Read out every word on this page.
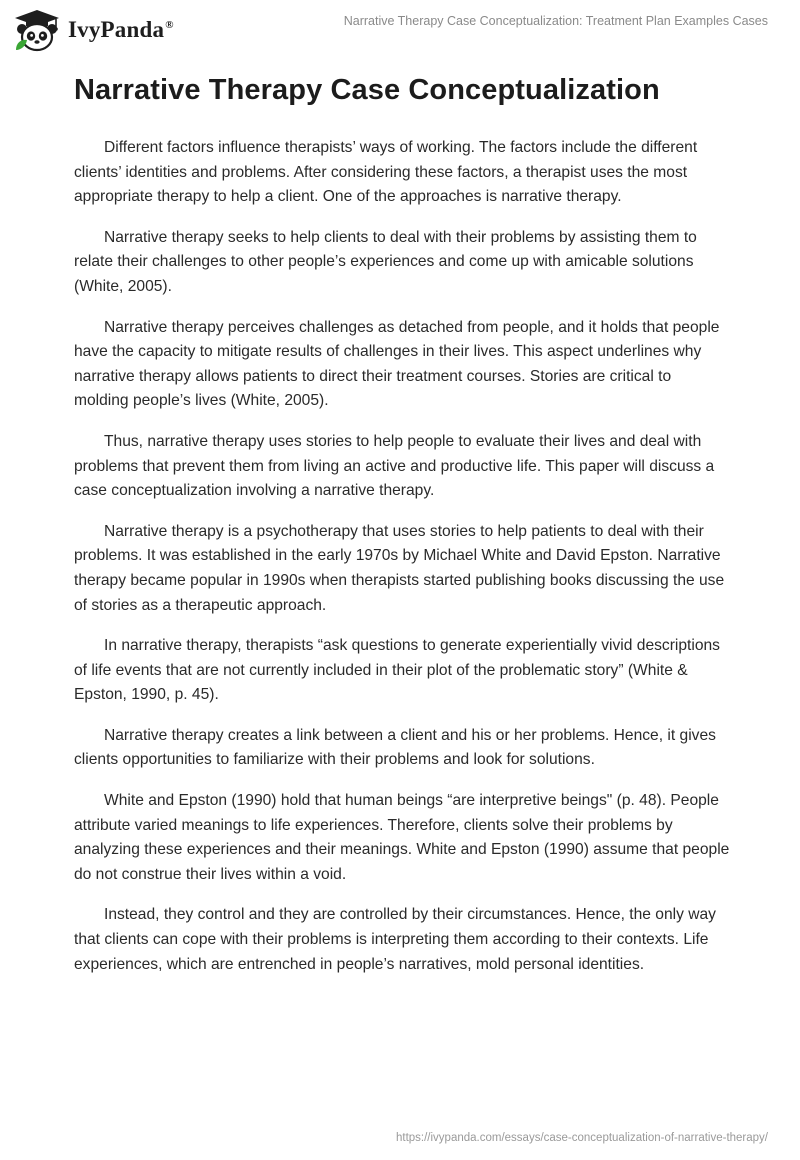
IvyPanda®	Narrative Therapy Case Conceptualization: Treatment Plan Examples Cases
Narrative Therapy Case Conceptualization

Different factors influence therapists’ ways of working. The factors include the different clients’ identities and problems. After considering these factors, a therapist uses the most appropriate therapy to help a client. One of the approaches is narrative therapy.

Narrative therapy seeks to help clients to deal with their problems by assisting them to relate their challenges to other people’s experiences and come up with amicable solutions (White, 2005).

Narrative therapy perceives challenges as detached from people, and it holds that people have the capacity to mitigate results of challenges in their lives. This aspect underlines why narrative therapy allows patients to direct their treatment courses. Stories are critical to molding people’s lives (White, 2005).

Thus, narrative therapy uses stories to help people to evaluate their lives and deal with problems that prevent them from living an active and productive life. This paper will discuss a case conceptualization involving a narrative therapy.

Narrative therapy is a psychotherapy that uses stories to help patients to deal with their problems. It was established in the early 1970s by Michael White and David Epston. Narrative therapy became popular in 1990s when therapists started publishing books discussing the use of stories as a therapeutic approach.

In narrative therapy, therapists “ask questions to generate experientially vivid descriptions of life events that are not currently included in their plot of the problematic story” (White & Epston, 1990, p. 45).

Narrative therapy creates a link between a client and his or her problems. Hence, it gives clients opportunities to familiarize with their problems and look for solutions.

White and Epston (1990) hold that human beings “are interpretive beings" (p. 48). People attribute varied meanings to life experiences. Therefore, clients solve their problems by analyzing these experiences and their meanings. White and Epston (1990) assume that people do not construe their lives within a void.

Instead, they control and they are controlled by their circumstances. Hence, the only way that clients can cope with their problems is interpreting them according to their contexts. Life experiences, which are entrenched in people’s narratives, mold personal identities.

https://ivypanda.com/essays/case-conceptualization-of-narrative-therapy/
